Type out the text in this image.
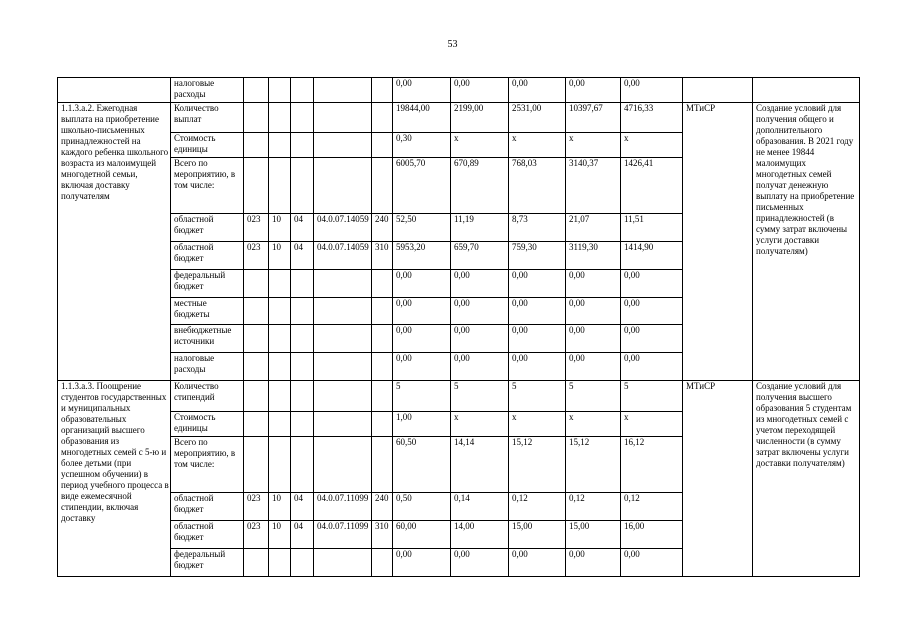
53
	налоговые расходы						0,00	0,00	0,00	0,00	0,00		
1.1.3.а.2. Ежегодная выплата на приобретение школьно-письменных принадлежностей на каждого ребенка школьного возраста из малоимущей многодетной семьи, включая доставку получателям	Количество выплат						19844,00	2199,00	2531,00	10397,67	4716,33	МТиСР	Создание условий для получения общего и дополнительного образования. В 2021 году не менее 19844 малоимущих многодетных семей получат денежную выплату на приобретение письменных принадлежностей (в сумму затрат включены услуги доставки получателям)
	Стоимость единицы						0,30	х	х	х	х		
	Всего по мероприятию, в том числе:						6005,70	670,89	768,03	3140,37	1426,41		
	областной бюджет	023	10	04	04.0.07.14059	240	52,50	11,19	8,73	21,07	11,51		
	областной бюджет	023	10	04	04.0.07.14059	310	5953,20	659,70	759,30	3119,30	1414,90		
	федеральный бюджет						0,00	0,00	0,00	0,00	0,00		
	местные бюджеты						0,00	0,00	0,00	0,00	0,00		
	внебюджетные источники						0,00	0,00	0,00	0,00	0,00		
	налоговые расходы						0,00	0,00	0,00	0,00	0,00		
1.1.3.а.3. Поощрение студентов государственных и муниципальных образовательных организаций высшего образования из многодетных семей с 5-ю и более детьми (при успешном обучении) в период учебного процесса в виде ежемесячной стипендии, включая доставку	Количество стипендий						5	5	5	5	5	МТиСР	Создание условий для получения высшего образования 5 студентам из многодетных семей с учетом переходящей численности (в сумму затрат включены услуги доставки получателям)
	Стоимость единицы						1,00	х	х	х	х		
	Всего по мероприятию, в том числе:						60,50	14,14	15,12	15,12	16,12		
	областной бюджет	023	10	04	04.0.07.11099	240	0,50	0,14	0,12	0,12	0,12		
	областной бюджет	023	10	04	04.0.07.11099	310	60,00	14,00	15,00	15,00	16,00		
	федеральный бюджет						0,00	0,00	0,00	0,00	0,00		
